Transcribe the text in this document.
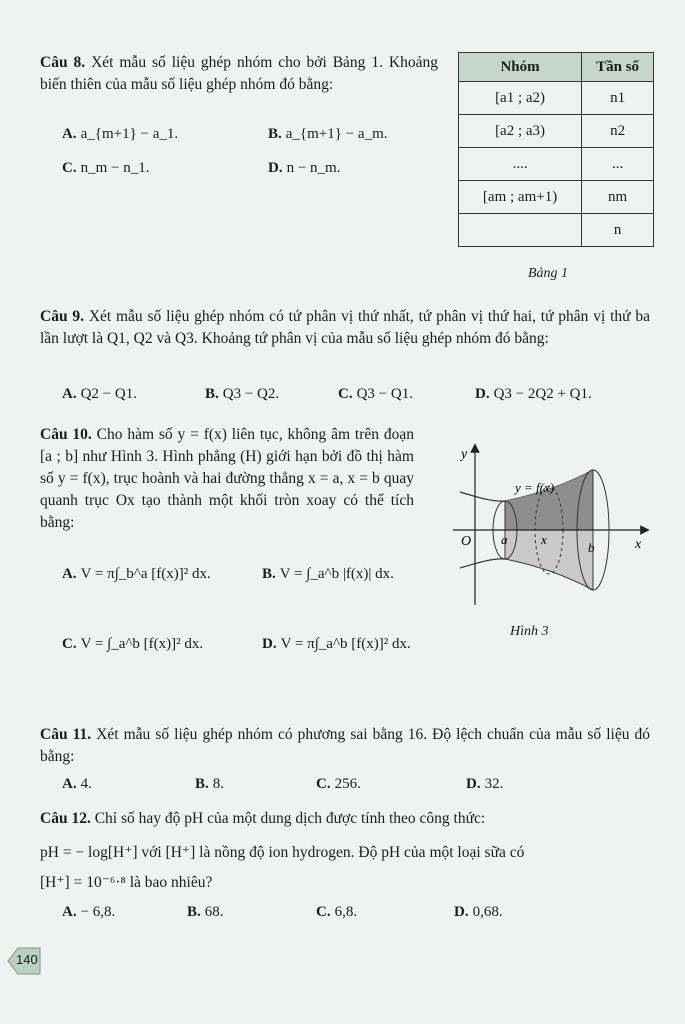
Câu 8. Xét mẫu số liệu ghép nhóm cho bởi Bảng 1. Khoảng biến thiên của mẫu số liệu ghép nhóm đó bằng:
A. a_{m+1} − a_1.	B. a_{m+1} − a_m.
C. n_m − n_1.	D. n − n_m.
Nhóm	Tần số
[a1 ; a2)	n1
[a2 ; a3)	n2
....	...
[am ; am+1)	nm
	n
Bảng 1
Câu 9. Xét mẫu số liệu ghép nhóm có tứ phân vị thứ nhất, tứ phân vị thứ hai, tứ phân vị thứ ba lần lượt là Q1, Q2 và Q3. Khoảng tứ phân vị của mẫu số liệu ghép nhóm đó bằng:
A. Q2 − Q1.	B. Q3 − Q2.	C. Q3 − Q1.	D. Q3 − 2Q2 + Q1.
Câu 10. Cho hàm số y = f(x) liên tục, không âm trên đoạn [a ; b] như Hình 3. Hình phẳng (H) giới hạn bởi đồ thị hàm số y = f(x), trục hoành và hai đường thẳng x = a, x = b quay quanh trục Ox tạo thành một khối tròn xoay có thể tích bằng:
A. V = π∫_b^a [f(x)]² dx.	B. V = ∫_a^b |f(x)| dx.
C. V = ∫_a^b [f(x)]² dx.	D. V = π∫_a^b [f(x)]² dx.
y
x
O
y = f(x)
a	x
b
Hình 3
Câu 11. Xét mẫu số liệu ghép nhóm có phương sai bằng 16. Độ lệch chuẩn của mẫu số liệu đó bằng:
A. 4.	B. 8.	C. 256.	D. 32.
Câu 12. Chỉ số hay độ pH của một dung dịch được tính theo công thức:
pH = − log[H⁺] với [H⁺] là nồng độ ion hydrogen. Độ pH của một loại sữa có
[H⁺] = 10⁻⁶·⁸ là bao nhiêu?
A. − 6,8.	B. 68.	C. 6,8.	D. 0,68.
140
